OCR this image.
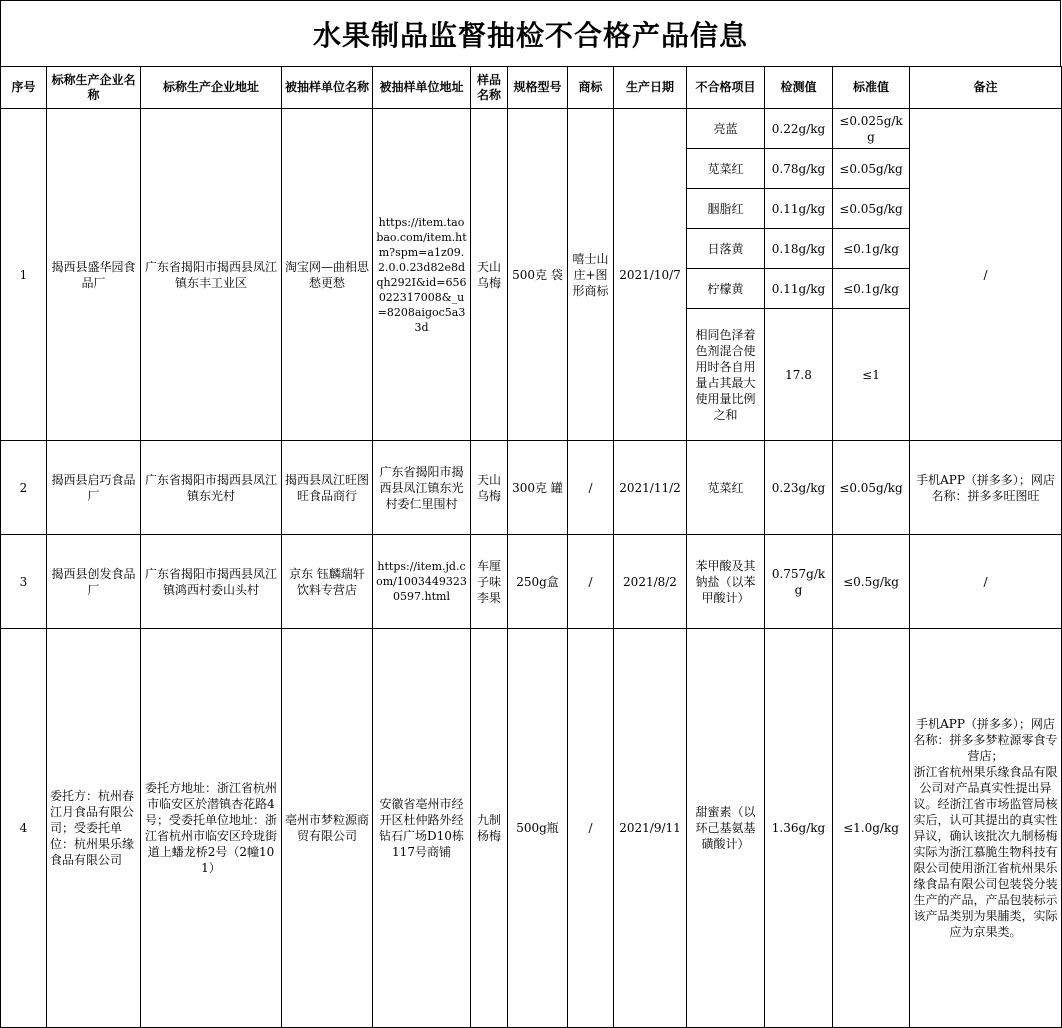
水果制品监督抽检不合格产品信息
序号	标称生产企业名称	标称生产企业地址	被抽样单位名称	被抽样单位地址	样品名称	规格型号	商标	生产日期	不合格项目	检测值	标准值	备注
1	揭西县盛华园食品厂	广东省揭阳市揭西县凤江镇东丰工业区	淘宝网—曲相思愁更愁	https://item.taobao.com/item.htm?spm=a1z09.2.0.0.23d82e8dqh292I&id=656022317008&_u=8208aigoc5a33d	天山乌梅	500克 袋	嘻士山庄+图形商标	2021/10/7	亮蓝	0.22g/kg	≤0.025g/kg	/
									苋菜红	0.78g/kg	≤0.05g/kg	
									胭脂红	0.11g/kg	≤0.05g/kg	
									日落黄	0.18g/kg	≤0.1g/kg	
									柠檬黄	0.11g/kg	≤0.1g/kg	
									相同色泽着色剂混合使用时各自用量占其最大使用量比例之和	17.8	≤1	
2	揭西县启巧食品厂	广东省揭阳市揭西县凤江镇东光村	揭西县凤江旺图旺食品商行	广东省揭阳市揭西县凤江镇东光村委仁里围村	天山乌梅	300克 罐	/	2021/11/2	苋菜红	0.23g/kg	≤0.05g/kg	手机APP（拼多多）；网店名称：拼多多旺图旺
3	揭西县创发食品厂	广东省揭阳市揭西县凤江镇鸿西村委山头村	京东 钰麟瑞轩饮料专营店	https://item.jd.com/10034493230597.html	车厘子味李果	250g盒	/	2021/8/2	苯甲酸及其钠盐（以苯甲酸计）	0.757g/kg	≤0.5g/kg	/
4	委托方：杭州春江月食品有限公司；受委托单位：杭州果乐缘食品有限公司	委托方地址：浙江省杭州市临安区於潜镇杏花路4号；受委托单位地址：浙江省杭州市临安区玲珑街道上蟠龙桥2号（2幢101）	亳州市梦粒源商贸有限公司	安徽省亳州市经开区杜仲路外经钻石广场D10栋117号商铺	九制杨梅	500g瓶	/	2021/9/11	甜蜜素（以环己基氨基磺酸计）	1.36g/kg	≤1.0g/kg	手机APP（拼多多）；网店名称：拼多多梦粒源零食专营店；
浙江省杭州果乐缘食品有限公司对产品真实性提出异议。经浙江省市场监管局核实后，认可其提出的真实性异议，确认该批次九制杨梅实际为浙江慕脆生物科技有限公司使用浙江省杭州果乐缘食品有限公司包装袋分装生产的产品，产品包装标示该产品类别为果脯类，实际应为京果类。
